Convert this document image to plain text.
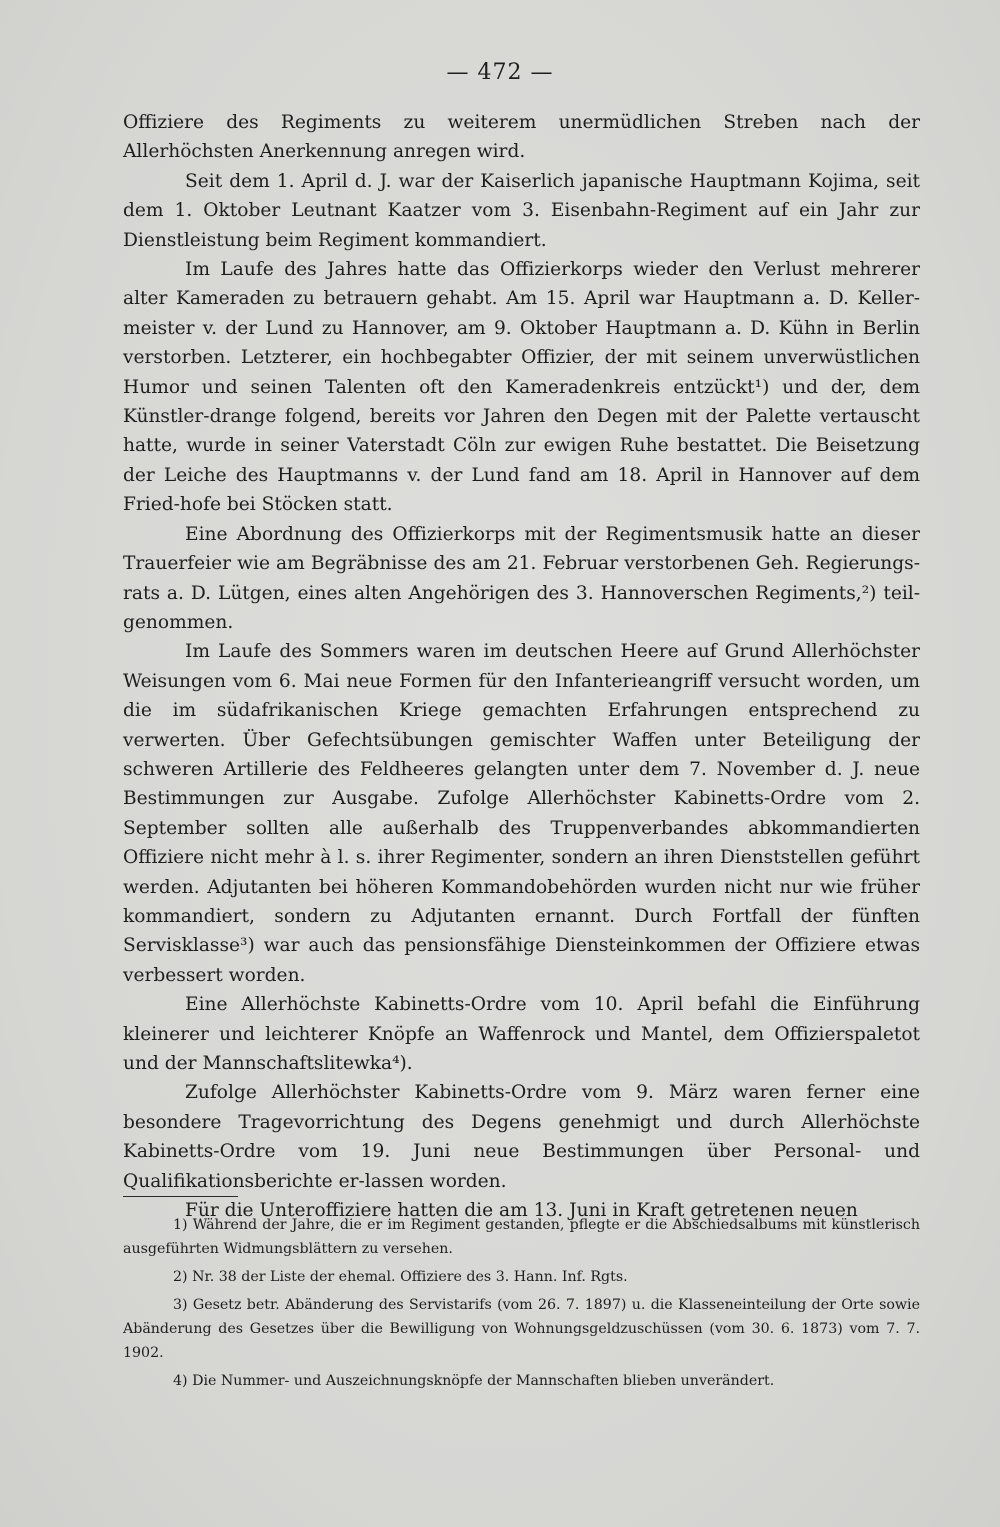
— 472 —

Offiziere des Regiments zu weiterem unermüdlichen Streben nach der Allerhöchsten Anerkennung anregen wird.

Seit dem 1. April d. J. war der Kaiserlich japanische Hauptmann Kojima, seit dem 1. Oktober Leutnant Kaatzer vom 3. Eisenbahn-Regiment auf ein Jahr zur Dienstleistung beim Regiment kommandiert.

Im Laufe des Jahres hatte das Offizierkorps wieder den Verlust mehrerer alter Kameraden zu betrauern gehabt. Am 15. April war Hauptmann a. D. Keller-meister v. der Lund zu Hannover, am 9. Oktober Hauptmann a. D. Kühn in Berlin verstorben. Letzterer, ein hochbegabter Offizier, der mit seinem unverwüstlichen Humor und seinen Talenten oft den Kameradenkreis entzückt¹) und der, dem Künstler-drange folgend, bereits vor Jahren den Degen mit der Palette vertauscht hatte, wurde in seiner Vaterstadt Cöln zur ewigen Ruhe bestattet. Die Beisetzung der Leiche des Hauptmanns v. der Lund fand am 18. April in Hannover auf dem Fried-hofe bei Stöcken statt.

Eine Abordnung des Offizierkorps mit der Regimentsmusik hatte an dieser Trauerfeier wie am Begräbnisse des am 21. Februar verstorbenen Geh. Regierungs-rats a. D. Lütgen, eines alten Angehörigen des 3. Hannoverschen Regiments,²) teil-genommen.

Im Laufe des Sommers waren im deutschen Heere auf Grund Allerhöchster Weisungen vom 6. Mai neue Formen für den Infanterieangriff versucht worden, um die im südafrikanischen Kriege gemachten Erfahrungen entsprechend zu verwerten. Über Gefechtsübungen gemischter Waffen unter Beteiligung der schweren Artillerie des Feldheeres gelangten unter dem 7. November d. J. neue Bestimmungen zur Ausgabe. Zufolge Allerhöchster Kabinetts-Ordre vom 2. September sollten alle außerhalb des Truppenverbandes abkommandierten Offiziere nicht mehr à l. s. ihrer Regimenter, sondern an ihren Dienststellen geführt werden. Adjutanten bei höheren Kommandobehörden wurden nicht nur wie früher kommandiert, sondern zu Adjutanten ernannt. Durch Fortfall der fünften Servisklasse³) war auch das pensionsfähige Diensteinkommen der Offiziere etwas verbessert worden.

Eine Allerhöchste Kabinetts-Ordre vom 10. April befahl die Einführung kleinerer und leichterer Knöpfe an Waffenrock und Mantel, dem Offizierspaletot und der Mannschaftslitewka⁴).

Zufolge Allerhöchster Kabinetts-Ordre vom 9. März waren ferner eine besondere Tragevorrichtung des Degens genehmigt und durch Allerhöchste Kabinetts-Ordre vom 19. Juni neue Bestimmungen über Personal- und Qualifikationsberichte er-lassen worden.

Für die Unteroffiziere hatten die am 13. Juni in Kraft getretenen neuen

1) Während der Jahre, die er im Regiment gestanden, pflegte er die Abschiedsalbums mit künstlerisch ausgeführten Widmungsblättern zu versehen.

2) Nr. 38 der Liste der ehemal. Offiziere des 3. Hann. Inf. Rgts.

3) Gesetz betr. Abänderung des Servistarifs (vom 26. 7. 1897) u. die Klasseneinteilung der Orte sowie Abänderung des Gesetzes über die Bewilligung von Wohnungsgeldzuschüssen (vom 30. 6. 1873) vom 7. 7. 1902.

4) Die Nummer- und Auszeichnungsknöpfe der Mannschaften blieben unverändert.
